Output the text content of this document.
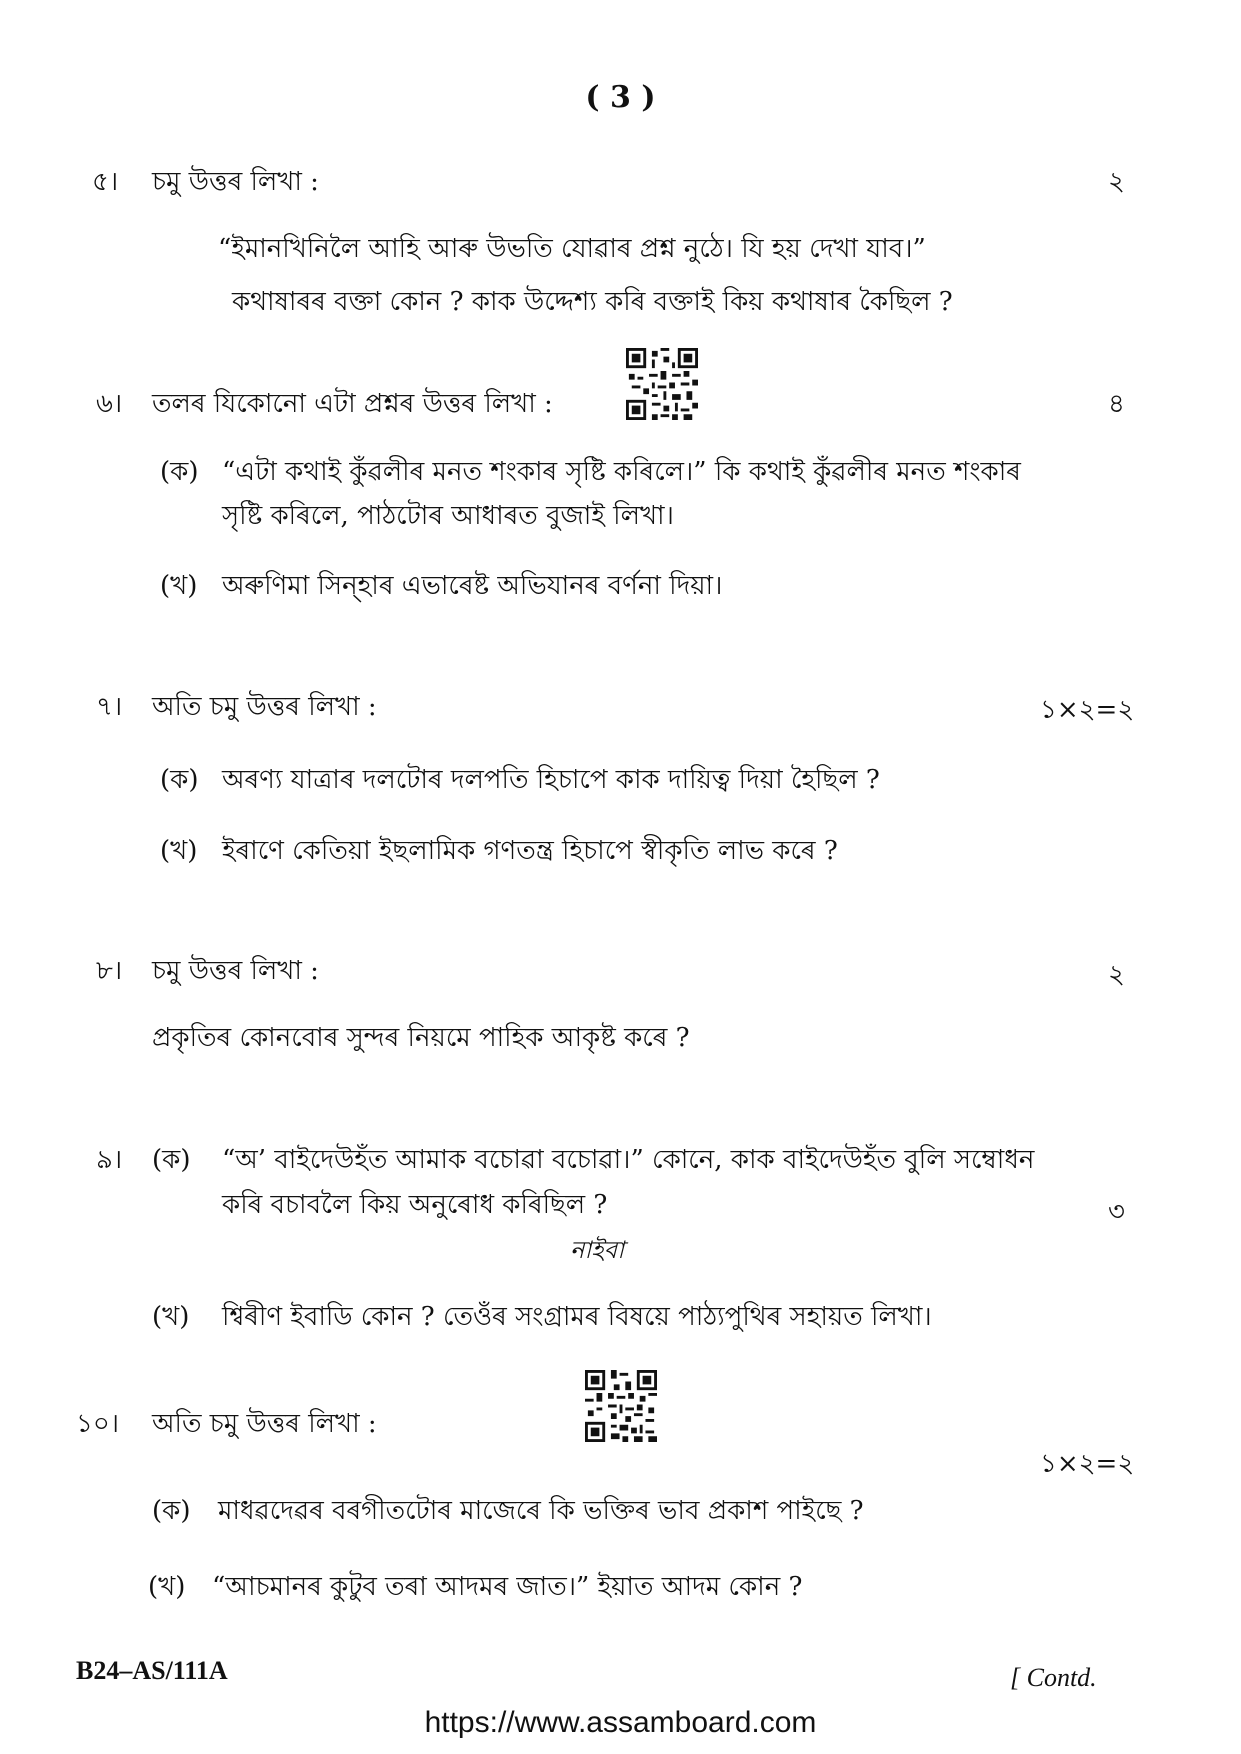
( 3 )
৫। চমু উত্তৰ লিখা :	২
“ইমানখিনিলৈ আহি আৰু উভতি যোৱাৰ প্ৰশ্ন নুঠে। যি হয় দেখা যাব।”
কথাষাৰৰ বক্তা কোন ? কাক উদ্দেশ্য কৰি বক্তাই কিয় কথাষাৰ কৈছিল ?
৬। তলৰ যিকোনো এটা প্ৰশ্নৰ উত্তৰ লিখা :	৪
(ক) “এটা কথাই কুঁৱলীৰ মনত শংকাৰ সৃষ্টি কৰিলে।” কি কথাই কুঁৱলীৰ মনত শংকাৰ
সৃষ্টি কৰিলে, পাঠটোৰ আধাৰত বুজাই লিখা।
(খ) অৰুণিমা সিন্‌হাৰ এভাৰেষ্ট অভিযানৰ বৰ্ণনা দিয়া।
৭। অতি চমু উত্তৰ লিখা :	১×২=২
(ক) অৰণ্য যাত্ৰাৰ দলটোৰ দলপতি হিচাপে কাক দায়িত্ব দিয়া হৈছিল ?
(খ) ইৰাণে কেতিয়া ইছলামিক গণতন্ত্ৰ হিচাপে স্বীকৃতি লাভ কৰে ?
৮। চমু উত্তৰ লিখা :	২
প্ৰকৃতিৰ কোনবোৰ সুন্দৰ নিয়মে পাহিক আকৃষ্ট কৰে ?
৯। (ক) “অ’ বাইদেউহঁত আমাক বচোৱা বচোৱা।” কোনে, কাক বাইদেউহঁত বুলি সম্বোধন
কৰি বচাবলৈ কিয় অনুৰোধ কৰিছিল ?	৩
নাইবা
(খ) শ্বিৰীণ ইবাডি কোন ? তেওঁৰ সংগ্ৰামৰ বিষয়ে পাঠ্যপুথিৰ সহায়ত লিখা।
১০। অতি চমু উত্তৰ লিখা :
১×২=২
(ক) মাধৱদেৱৰ বৰগীতটোৰ মাজেৰে কি ভক্তিৰ ভাব প্ৰকাশ পাইছে ?
(খ) “আচমানৰ কুটুব তৰা আদমৰ জাত।” ইয়াত আদম কোন ?
B24–AS/111A	[ Contd.
https://www.assamboard.com
